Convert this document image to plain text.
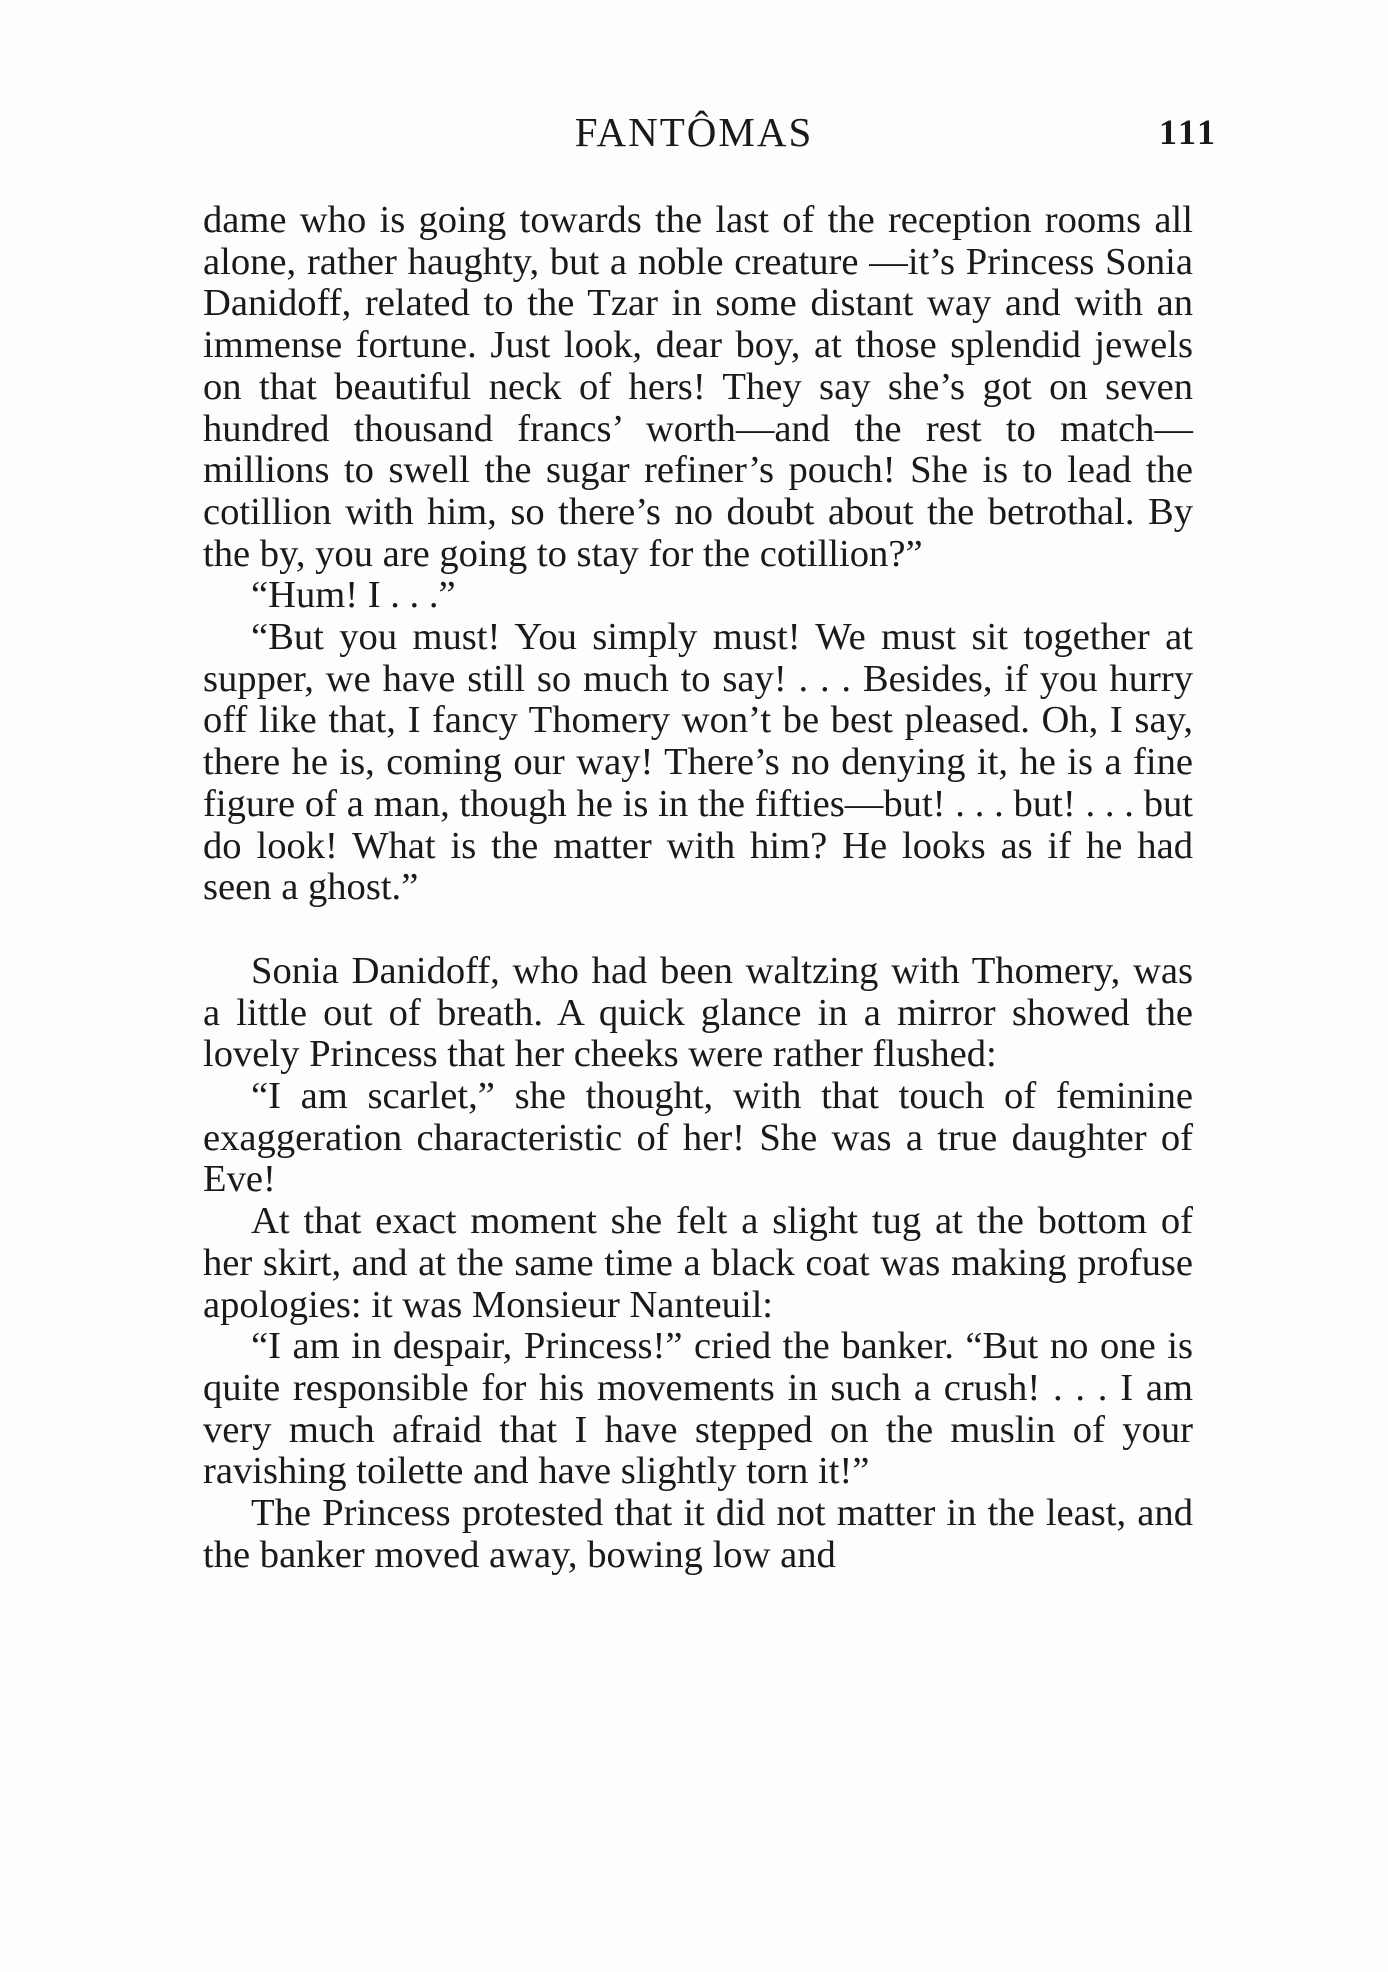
FANTÔMAS	111

dame who is going towards the last of the reception rooms all alone, rather haughty, but a noble creature —it’s Princess Sonia Danidoff, related to the Tzar in some distant way and with an immense fortune. Just look, dear boy, at those splendid jewels on that beautiful neck of hers! They say she’s got on seven hundred thousand francs’ worth—and the rest to match—millions to swell the sugar refiner’s pouch! She is to lead the cotillion with him, so there’s no doubt about the betrothal. By the by, you are going to stay for the cotillion?”

“Hum! I . . .”

“But you must! You simply must! We must sit together at supper, we have still so much to say! . . . Besides, if you hurry off like that, I fancy Thomery won’t be best pleased. Oh, I say, there he is, coming our way! There’s no denying it, he is a fine figure of a man, though he is in the fifties—but! . . . but! . . . but do look! What is the matter with him? He looks as if he had seen a ghost.”

Sonia Danidoff, who had been waltzing with Thomery, was a little out of breath. A quick glance in a mirror showed the lovely Princess that her cheeks were rather flushed:

“I am scarlet,” she thought, with that touch of feminine exaggeration characteristic of her! She was a true daughter of Eve!

At that exact moment she felt a slight tug at the bottom of her skirt, and at the same time a black coat was making profuse apologies: it was Monsieur Nanteuil:

“I am in despair, Princess!” cried the banker. “But no one is quite responsible for his movements in such a crush! . . . I am very much afraid that I have stepped on the muslin of your ravishing toilette and have slightly torn it!”

The Princess protested that it did not matter in the least, and the banker moved away, bowing low and
